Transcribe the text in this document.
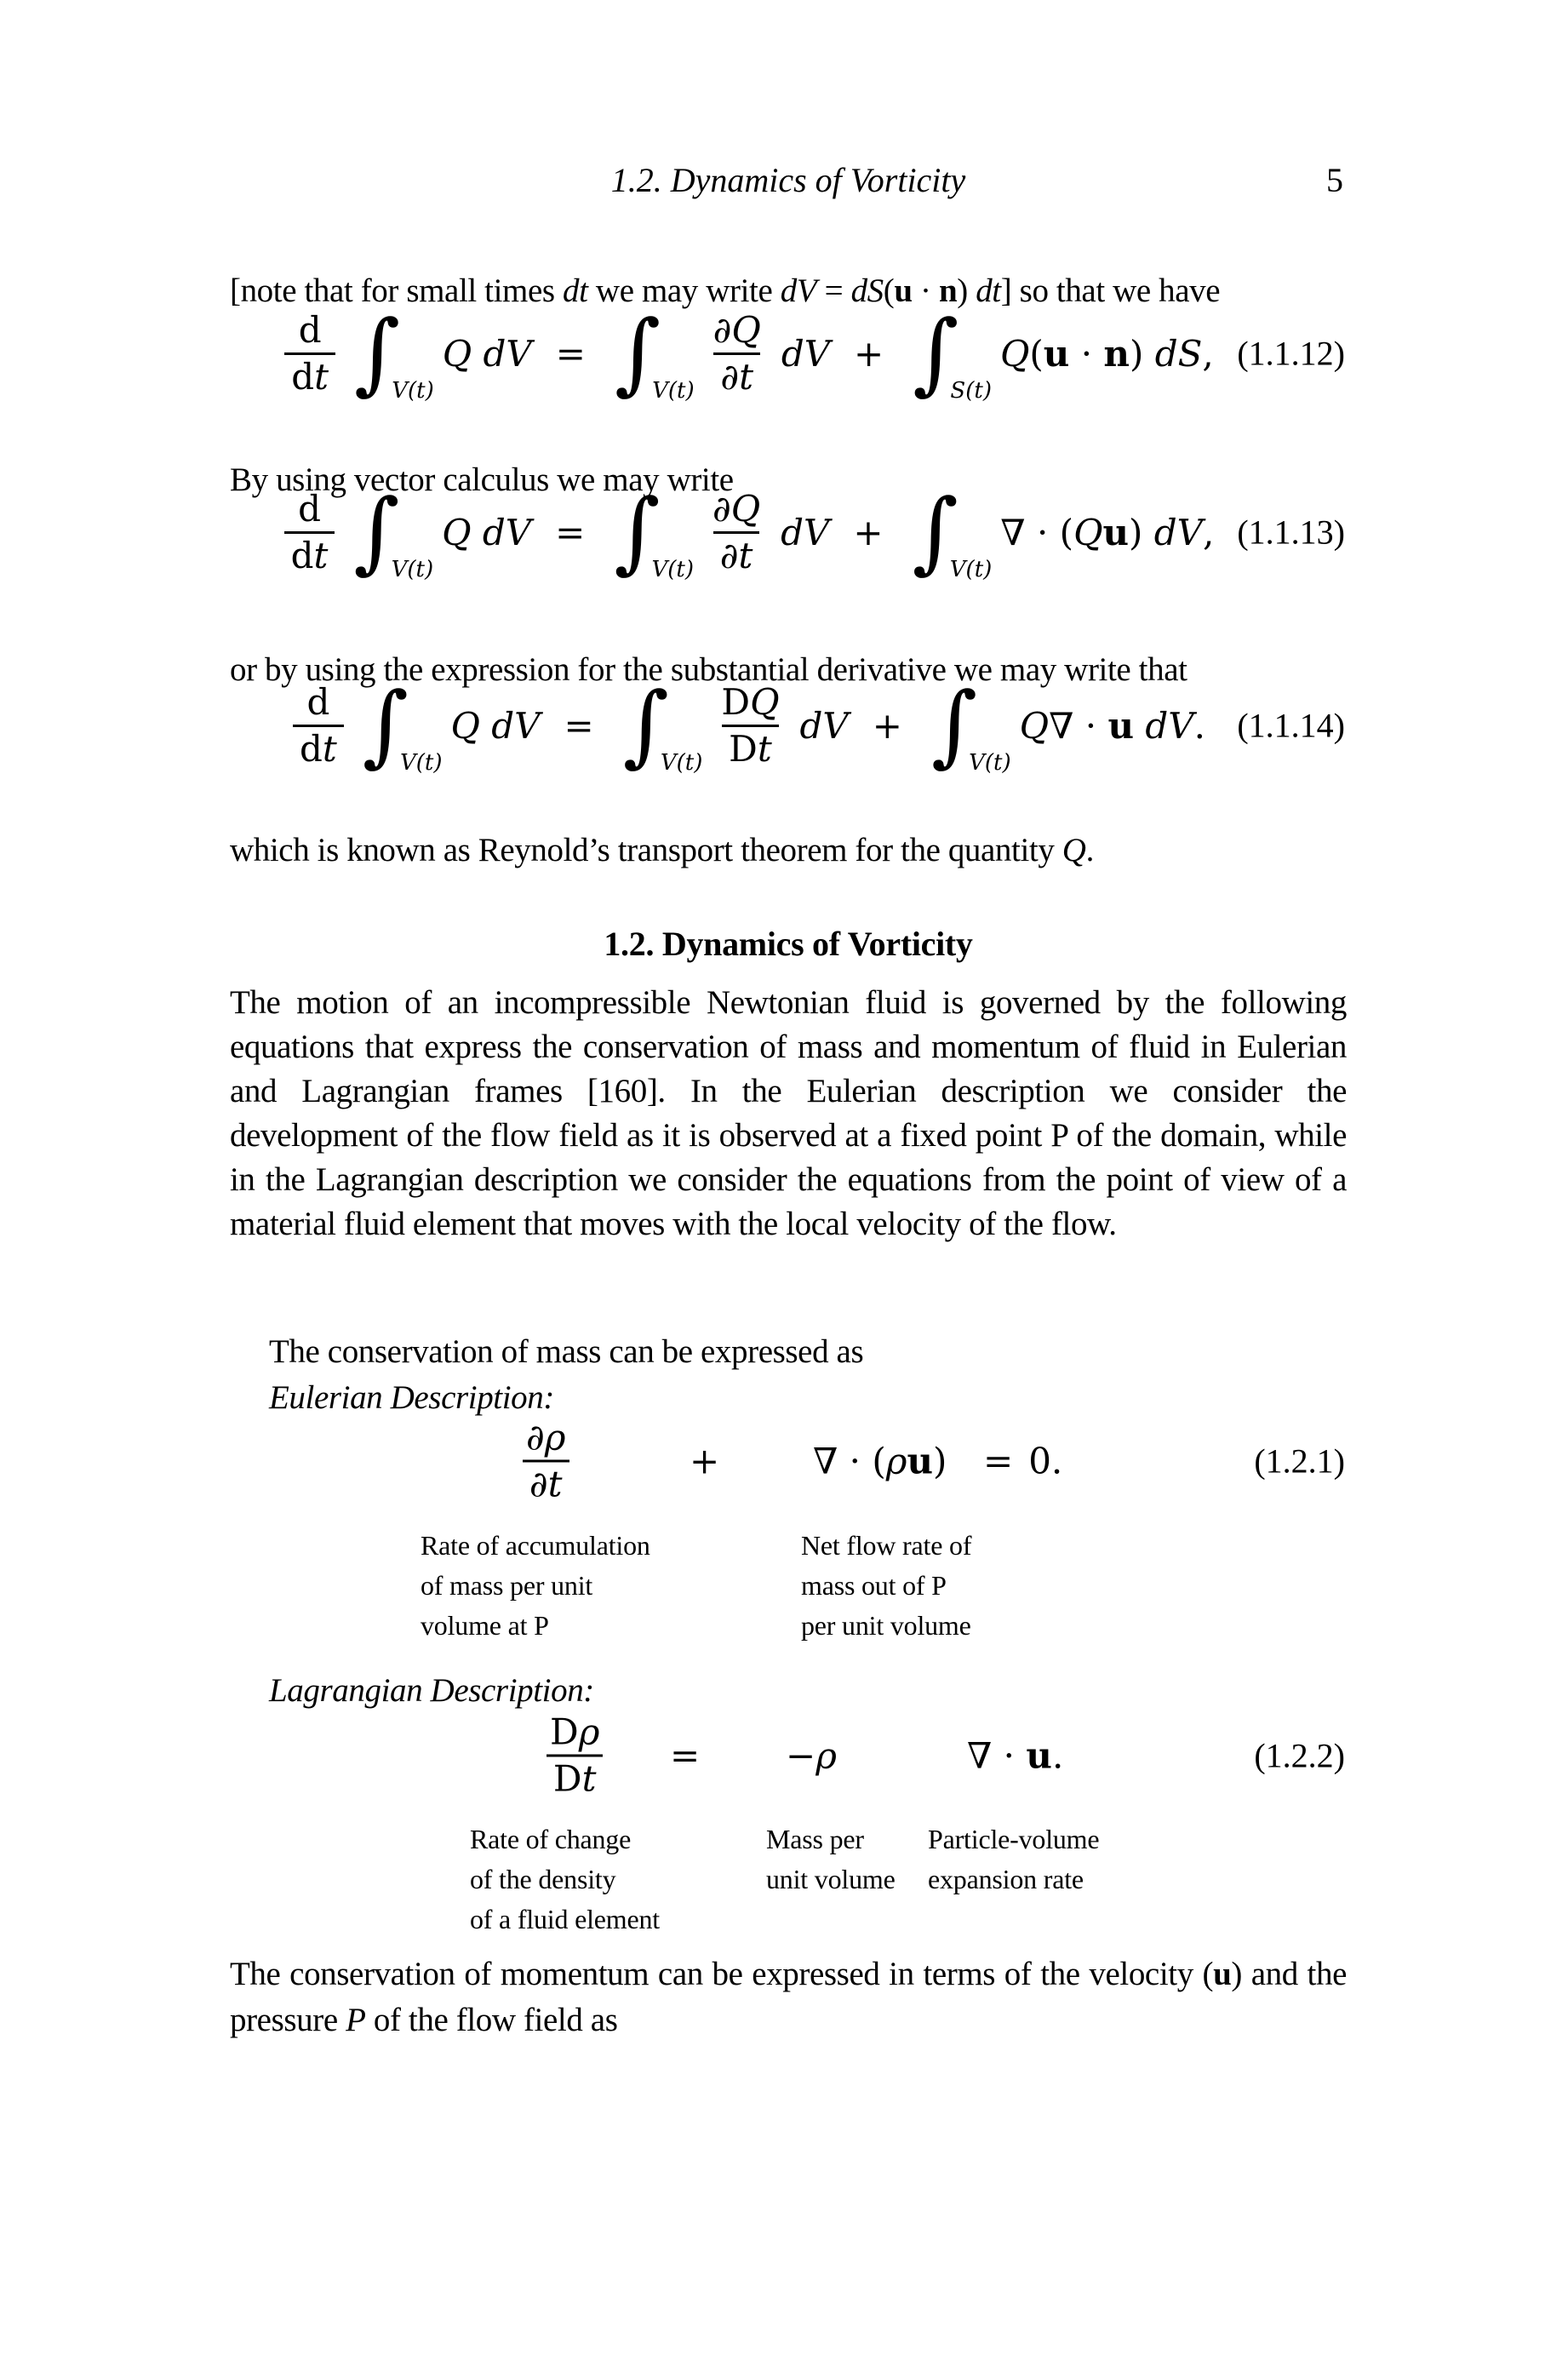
1.2. Dynamics of Vorticity	5

[note that for small times dt we may write dV = dS(u · n) dt] so that we have

$\frac{d}{dt}$ ∫
V(t)
Q dV = ∫
$V(t) \frac{\partial Q}{\partial t}$ dV + ∫
S(t)
Q(u · n) dS, (1.1.12)

By using vector calculus we may write

$\frac{d}{dt}$ ∫
V(t)
Q dV = ∫
$V(t) \frac{\partial Q}{\partial t}$ dV + ∫
V(t)
∇ · (Qu) dV, (1.1.13)

or by using the expression for the substantial derivative we may write that

$\frac{d}{dt}$ ∫
V(t)
Q dV = ∫
$V(t) \frac{DQ}{Dt}$ dV + ∫
V(t)
Q∇ · u dV. (1.1.14)

which is known as Reynold’s transport theorem for the quantity Q.

1.2. Dynamics of Vorticity

The motion of an incompressible Newtonian fluid is governed by the following equations that express the conservation of mass and momentum of fluid in Eulerian and Lagrangian frames [160]. In the Eulerian description we consider the development of the flow field as it is observed at a fixed point P of the domain, while in the Lagrangian description we consider the equations from the point of view of a material fluid element that moves with the local velocity of the flow.

The conservation of mass can be expressed as

Eulerian Description:

$\frac{\partial\rho}{\partial t}$	+	∇ · (ρu) = 0.	(1.2.1)
Rate of accumulation
of mass per unit
volume at P
Net flow rate of
mass out of P
per unit volume

Lagrangian Description:

$\frac{D\rho}{Dt} = -\rho$	∇ · u.	(1.2.2)
Rate of change
of the density
of a fluid element
Mass per
unit volume
Particle-volume
expansion rate

The conservation of momentum can be expressed in terms of the velocity (u) and the pressure P of the flow field as
